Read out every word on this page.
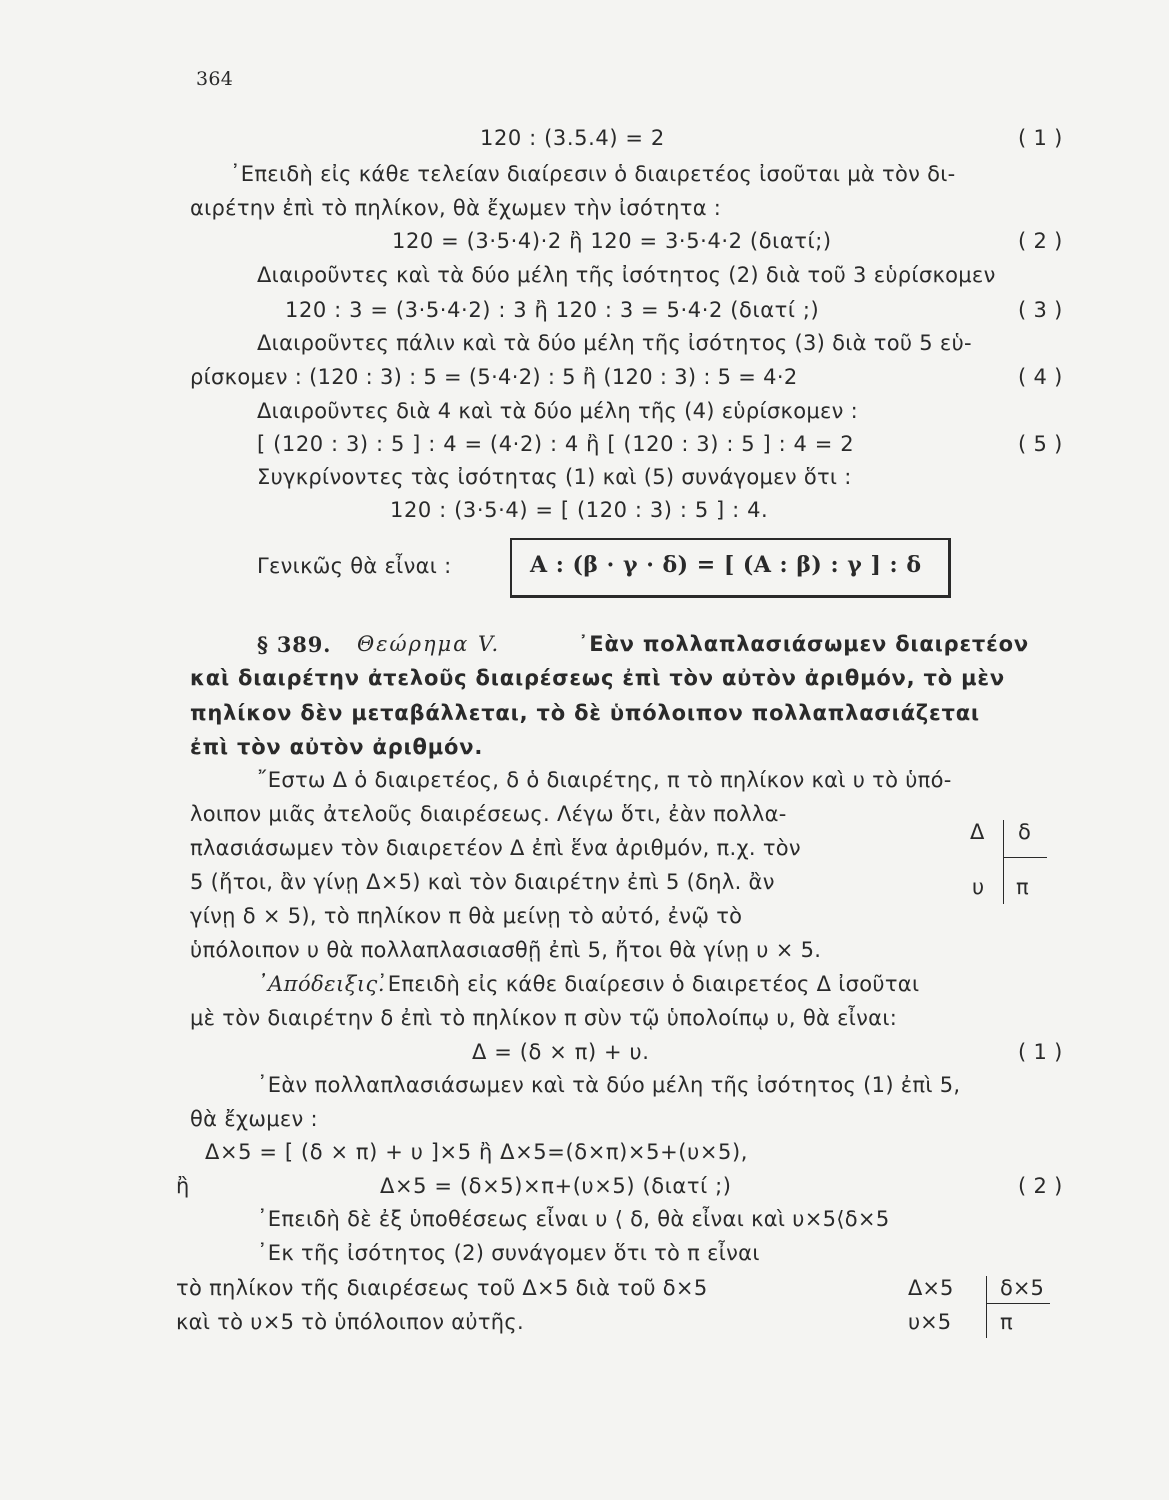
364
120 : (3.5.4) = 2	( 1 )
᾿Επειδὴ εἰς κάθε τελείαν διαίρεσιν ὁ διαιρετέος ἰσοῦται μὰ τὸν δι-
αιρέτην ἐπὶ τὸ πηλίκον, θὰ ἔχωμεν τὴν ἰσότητα :
120 = (3·5·4)·2 ἢ 120 = 3·5·4·2 (διατί;)	( 2 )
Διαιροῦντες καὶ τὰ δύο μέλη τῆς ἰσότητος (2) διὰ τοῦ 3 εὑρίσκομεν
120 : 3 = (3·5·4·2) : 3 ἢ 120 : 3 = 5·4·2 (διατί ;)	( 3 )
Διαιροῦντες πάλιν καὶ τὰ δύο μέλη τῆς ἰσότητος (3) διὰ τοῦ 5 εὑ-
ρίσκομεν : (120 : 3) : 5 = (5·4·2) : 5 ἢ (120 : 3) : 5 = 4·2	( 4 )
Διαιροῦντες διὰ 4 καὶ τὰ δύο μέλη τῆς (4) εὑρίσκομεν :
[ (120 : 3) : 5 ] : 4 = (4·2) : 4 ἢ [ (120 : 3) : 5 ] : 4 = 2	( 5 )
Συγκρίνοντες τὰς ἰσότητας (1) καὶ (5) συνάγομεν ὅτι :
120 : (3·5·4) = [ (120 : 3) : 5 ] : 4.
Γενικῶς θὰ εἶναι :	Α : (β · γ · δ) = [ (Α : β) : γ ] : δ
§ 389. Θεώρημα V.	᾿Εὰν πολλαπλασιάσωμεν διαιρετέον
καὶ διαιρέτην ἀτελοῦς διαιρέσεως ἐπὶ τὸν αὐτὸν ἀριθμόν, τὸ μὲν
πηλίκον δὲν μεταβάλλεται, τὸ δὲ ὑπόλοιπον πολλαπλασιάζεται
ἐπὶ τὸν αὐτὸν ἀριθμόν.
῎Εστω Δ ὁ διαιρετέος, δ ὁ διαιρέτης, π τὸ πηλίκον καὶ υ τὸ ὑπό-
λοιπον μιᾶς ἀτελοῦς διαιρέσεως. Λέγω ὅτι, ἐὰν πολλα-
πλασιάσωμεν τὸν διαιρετέον Δ ἐπὶ ἕνα ἀριθμόν, π.χ. τὸν
5 (ἤτοι, ἂν γίνῃ Δ×5) καὶ τὸν διαιρέτην ἐπὶ 5 (δηλ. ἂν
γίνῃ δ × 5), τὸ πηλίκον π θὰ μείνῃ τὸ αὐτό, ἐνῷ τὸ
ὑπόλοιπον υ θὰ πολλαπλασιασθῇ ἐπὶ 5, ἤτοι θὰ γίνῃ υ × 5.
Δ δ
υ π
᾿Απόδειξις.
᾿Επειδὴ εἰς κάθε διαίρεσιν ὁ διαιρετέος Δ ἰσοῦται
μὲ τὸν διαιρέτην δ ἐπὶ τὸ πηλίκον π σὺν τῷ ὑπολοίπῳ υ, θὰ εἶναι:
Δ = (δ × π) + υ.	( 1 )
᾿Εὰν πολλαπλασιάσωμεν καὶ τὰ δύο μέλη τῆς ἰσότητος (1) ἐπὶ 5,
θὰ ἔχωμεν :
Δ×5 = [ (δ × π) + υ ]×5 ἢ Δ×5=(δ×π)×5+(υ×5),
ἢ	Δ×5 = (δ×5)×π+(υ×5) (διατί ;)	( 2 )
᾿Επειδὴ δὲ ἐξ ὑποθέσεως εἶναι υ ⟨ δ, θὰ εἶναι καὶ υ×5⟨δ×5
᾿Εκ τῆς ἰσότητος (2) συνάγομεν ὅτι τὸ π εἶναι
τὸ πηλίκον τῆς διαιρέσεως τοῦ Δ×5 διὰ τοῦ δ×5
καὶ τὸ υ×5 τὸ ὑπόλοιπον αὐτῆς.
Δ×5 δ×5
υ×5 π
